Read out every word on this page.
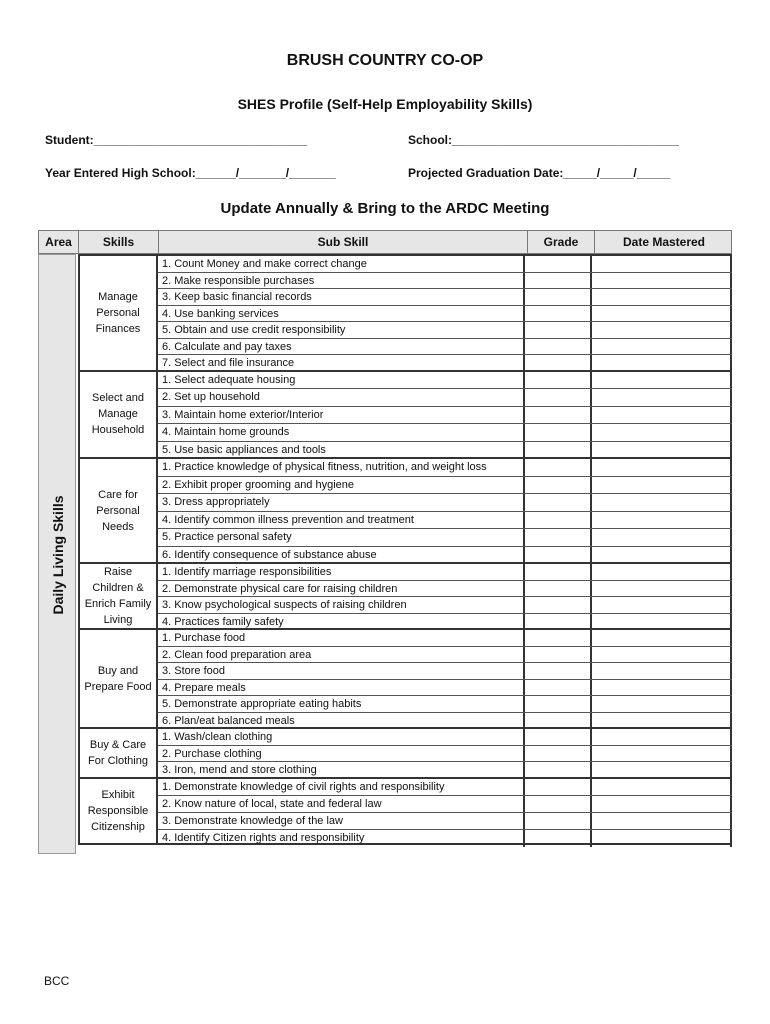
BRUSH COUNTRY CO-OP
SHES Profile (Self-Help Employability Skills)
Student:________________________________	School:__________________________________
Year Entered High School:______/_______/_______	Projected Graduation Date:_____/_____/_____
Update Annually & Bring to the ARDC Meeting
Area	Skills	Sub Skill	Grade	Date Mastered
Daily Living Skills
Manage Personal Finances
1. Count Money and make correct change
2. Make responsible purchases
3. Keep basic financial records
4. Use banking services
5. Obtain and use credit responsibility
6. Calculate and pay taxes
7. Select and file insurance
Select and Manage Household
1. Select adequate housing
2. Set up household
3. Maintain home exterior/Interior
4. Maintain home grounds
5. Use basic appliances and tools
Care for Personal Needs
1. Practice knowledge of physical fitness, nutrition, and weight loss
2. Exhibit proper grooming and hygiene
3. Dress appropriately
4. Identify common illness prevention and treatment
5. Practice personal safety
6. Identify consequence of substance abuse
Raise Children & Enrich Family Living
1. Identify marriage responsibilities
2. Demonstrate physical care for raising children
3. Know psychological suspects of raising children
4. Practices family safety
Buy and Prepare Food
1. Purchase food
2. Clean food preparation area
3. Store food
4. Prepare meals
5. Demonstrate appropriate eating habits
6. Plan/eat balanced meals
Buy & Care For Clothing
1. Wash/clean clothing
2. Purchase clothing
3. Iron, mend and store clothing
Exhibit Responsible Citizenship
1. Demonstrate knowledge of civil rights and responsibility
2. Know nature of local, state and federal law
3. Demonstrate knowledge of the law
4. Identify Citizen rights and responsibility
BCC
